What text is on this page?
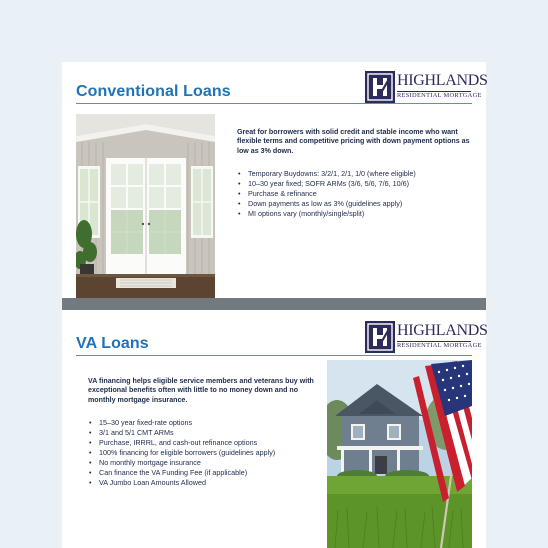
Conventional Loans

HIGHLANDS

RESIDENTIAL MORTGAGE

Great for borrowers with solid credit and stable income who want flexible terms and competitive pricing with down payment options as low as 3% down.

• Temporary Buydowns: 3/2/1, 2/1, 1/0 (where eligible)
• 10–30 year fixed; SOFR ARMs (3/6, 5/6, 7/6, 10/6)
• Purchase & refinance
• Down payments as low as 3% (guidelines apply)
• MI options vary (monthly/single/split)
VA Loans

HIGHLANDS

RESIDENTIAL MORTGAGE

VA financing helps eligible service members and veterans buy with exceptional benefits often with little to no money down and no monthly mortgage insurance.

• 15–30 year fixed-rate options
• 3/1 and 5/1 CMT ARMs
• Purchase, IRRRL, and cash-out refinance options
• 100% financing for eligible borrowers (guidelines apply)
• No monthly mortgage insurance
• Can finance the VA Funding Fee (if applicable)
• VA Jumbo Loan Amounts Allowed
